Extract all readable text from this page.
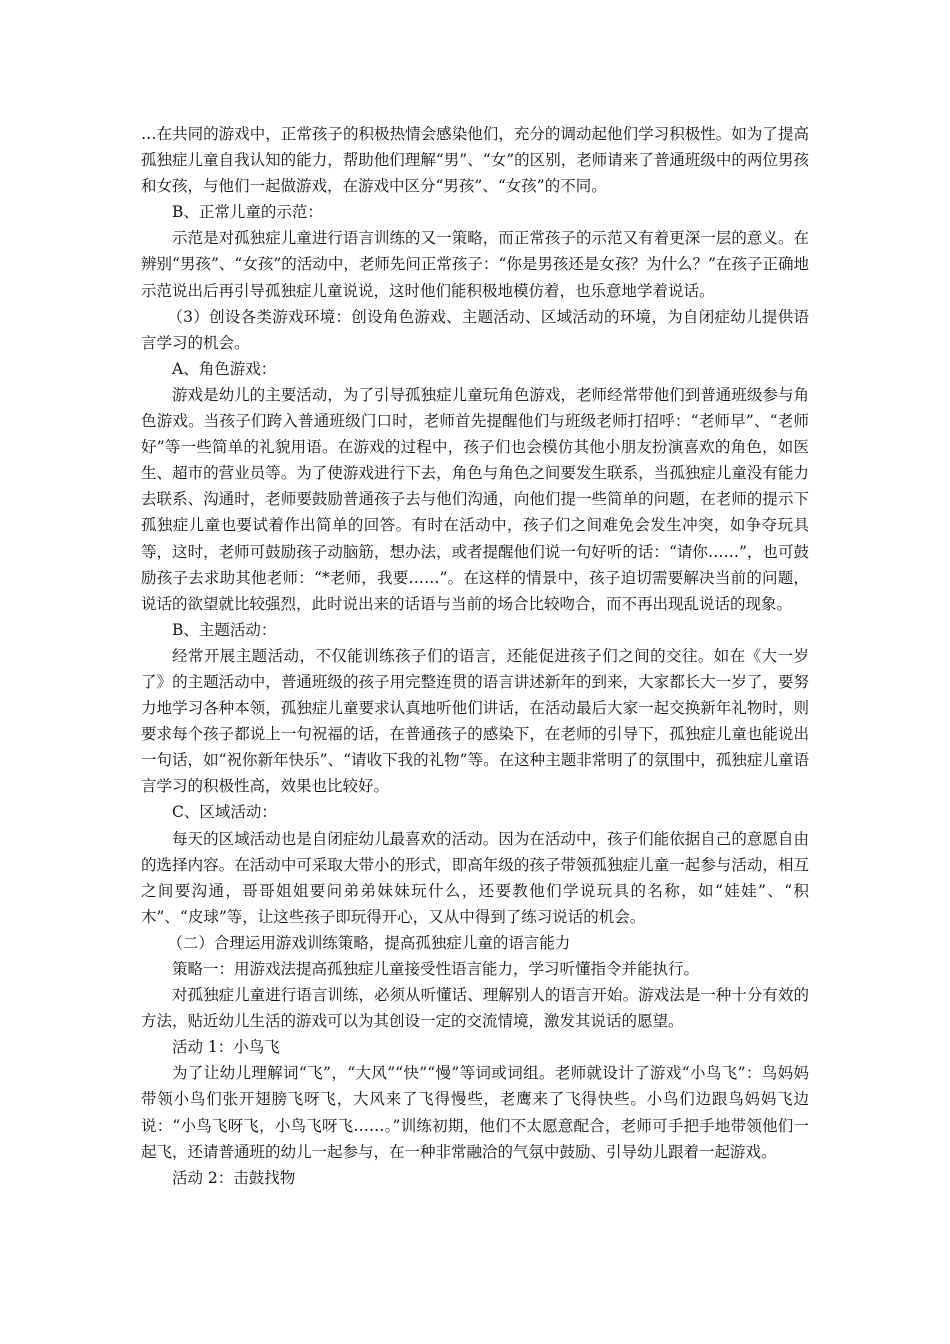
…在共同的游戏中，正常孩子的积极热情会感染他们，充分的调动起他们学习积极性。如为了提高孤独症儿童自我认知的能力，帮助他们理解“男”、“女”的区别，老师请来了普通班级中的两位男孩和女孩，与他们一起做游戏，在游戏中区分“男孩”、“女孩”的不同。

B、正常儿童的示范：

示范是对孤独症儿童进行语言训练的又一策略，而正常孩子的示范又有着更深一层的意义。在辨别“男孩”、“女孩”的活动中，老师先问正常孩子：“你是男孩还是女孩？为什么？”在孩子正确地示范说出后再引导孤独症儿童说说，这时他们能积极地模仿着，也乐意地学着说话。

（3）创设各类游戏环境：创设角色游戏、主题活动、区域活动的环境，为自闭症幼儿提供语言学习的机会。

A、角色游戏：

游戏是幼儿的主要活动，为了引导孤独症儿童玩角色游戏，老师经常带他们到普通班级参与角色游戏。当孩子们跨入普通班级门口时，老师首先提醒他们与班级老师打招呼：“老师早”、“老师好”等一些简单的礼貌用语。在游戏的过程中，孩子们也会模仿其他小朋友扮演喜欢的角色，如医生、超市的营业员等。为了使游戏进行下去，角色与角色之间要发生联系，当孤独症儿童没有能力去联系、沟通时，老师要鼓励普通孩子去与他们沟通，向他们提一些简单的问题，在老师的提示下孤独症儿童也要试着作出简单的回答。有时在活动中，孩子们之间难免会发生冲突，如争夺玩具等，这时，老师可鼓励孩子动脑筋，想办法，或者提醒他们说一句好听的话：“请你……”，也可鼓励孩子去求助其他老师：“*老师，我要……”。在这样的情景中，孩子迫切需要解决当前的问题，说话的欲望就比较强烈，此时说出来的话语与当前的场合比较吻合，而不再出现乱说话的现象。

B、主题活动：

经常开展主题活动，不仅能训练孩子们的语言，还能促进孩子们之间的交往。如在《大一岁了》的主题活动中，普通班级的孩子用完整连贯的语言讲述新年的到来，大家都长大一岁了，要努力地学习各种本领，孤独症儿童要求认真地听他们讲话，在活动最后大家一起交换新年礼物时，则要求每个孩子都说上一句祝福的话，在普通孩子的感染下，在老师的引导下，孤独症儿童也能说出一句话，如“祝你新年快乐”、“请收下我的礼物”等。在这种主题非常明了的氛围中，孤独症儿童语言学习的积极性高，效果也比较好。

C、区域活动：

每天的区域活动也是自闭症幼儿最喜欢的活动。因为在活动中，孩子们能依据自己的意愿自由的选择内容。在活动中可采取大带小的形式，即高年级的孩子带领孤独症儿童一起参与活动，相互之间要沟通，哥哥姐姐要问弟弟妹妹玩什么，还要教他们学说玩具的名称，如“娃娃”、“积木”、“皮球”等，让这些孩子即玩得开心，又从中得到了练习说话的机会。

（二）合理运用游戏训练策略，提高孤独症儿童的语言能力

策略一：用游戏法提高孤独症儿童接受性语言能力，学习听懂指令并能执行。

对孤独症儿童进行语言训练，必须从听懂话、理解别人的语言开始。游戏法是一种十分有效的方法，贴近幼儿生活的游戏可以为其创设一定的交流情境，激发其说话的愿望。

活动 1：小鸟飞

为了让幼儿理解词“飞”，“大风”“快”“慢”等词或词组。老师就设计了游戏“小鸟飞”：鸟妈妈带领小鸟们张开翅膀飞呀飞，大风来了飞得慢些，老鹰来了飞得快些。小鸟们边跟鸟妈妈飞边说：“小鸟飞呀飞，小鸟飞呀飞……。”训练初期，他们不太愿意配合，老师可手把手地带领他们一起飞，还请普通班的幼儿一起参与，在一种非常融洽的气氛中鼓励、引导幼儿跟着一起游戏。

活动 2：击鼓找物
